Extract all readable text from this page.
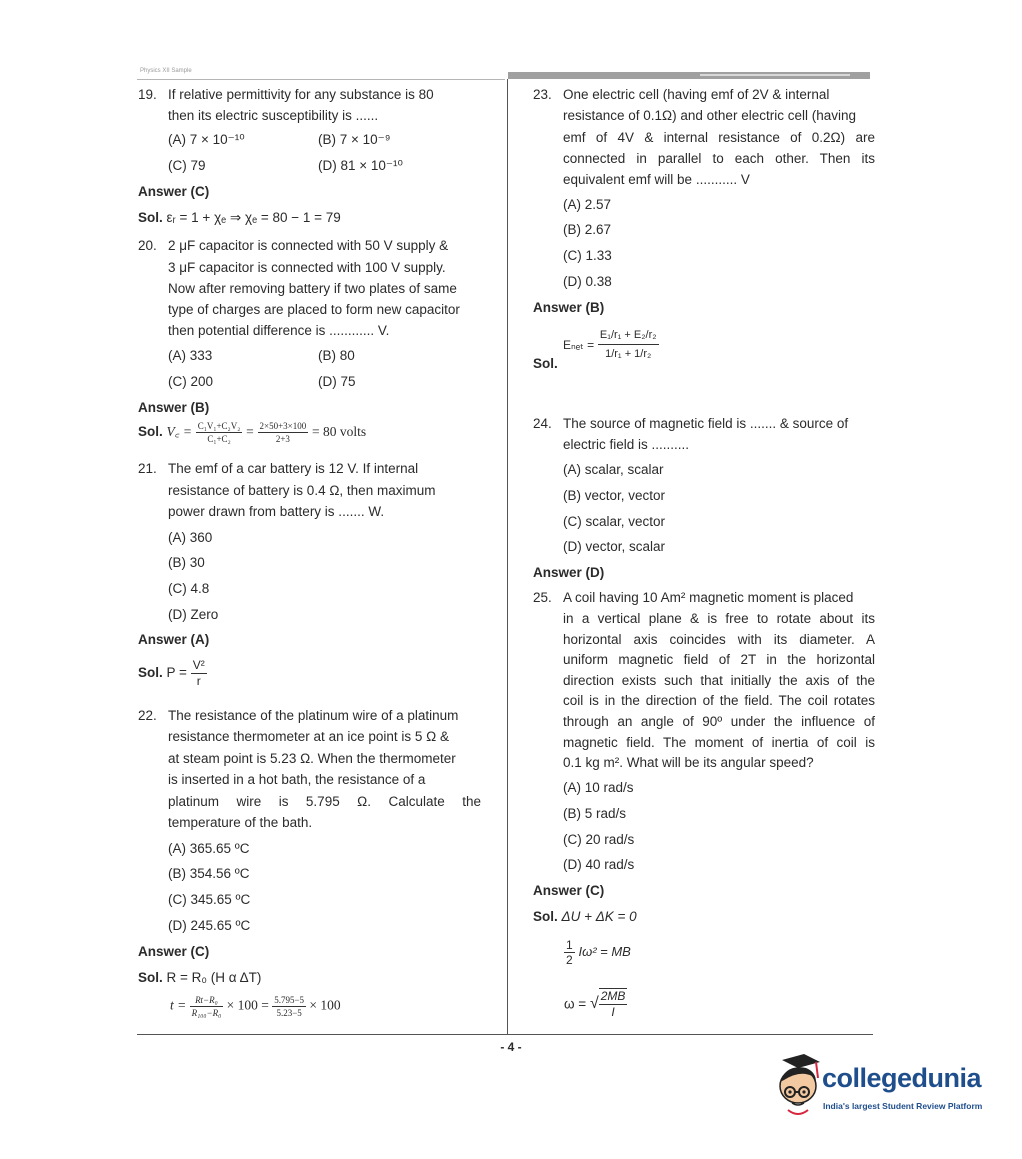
Physics XII Sample
- 4 -
19. If relative permittivity for any substance is 80
then its electric susceptibility is ......
(A) 7 × 10⁻¹⁰	(B) 7 × 10⁻⁹
(C) 79	(D) 81 × 10⁻¹⁰
Answer (C)
Sol. εᵣ = 1 + χₑ ⇒ χₑ = 80 − 1 = 79
20. 2 μF capacitor is connected with 50 V supply &
3 μF capacitor is connected with 100 V supply.
Now after removing battery if two plates of same
type of charges are placed to form new capacitor
then potential difference is ............ V.
(A) 333	(B) 80
(C) 200	(D) 75
Answer (B)
Sol. V꜀ = $\frac{\text{C₁V₁+C₂V₂}}{\text{C₁+C₂}} = \frac{2\times 50+3\times 100}{2+3} = 80$ volts
21. The emf of a car battery is 12 V. If internal
resistance of battery is 0.4 Ω, then maximum
power drawn from battery is ....... W.
(A) 360
(B) 30
(C) 4.8
(D) Zero
Answer (A)
Sol. $P = \frac{\text{V²}}{r}$
22. The resistance of the platinum wire of a platinum
resistance thermometer at an ice point is 5 Ω &
at steam point is 5.23 Ω. When the thermometer
is inserted in a hot bath, the resistance of a
platinum wire is 5.795 Ω. Calculate the
temperature of the bath.
(A) 365.65 ºC
(B) 354.56 ºC
(C) 345.65 ºC
(D) 245.65 ºC
Answer (C)
Sol. R = R₀ (H α ΔT)
$t = \frac{\text{Rt−R₀}}{\text{R₁₀₀−R₀}} \times 100 = \frac{5.795-5}{5.23-5} \times 100$
23. One electric cell (having emf of 2V & internal
resistance of 0.1Ω) and other electric cell (having
emf of 4V & internal resistance of 0.2Ω) are
connected in parallel to each other. Then its
equivalent emf will be ........... V
(A) 2.57
(B) 2.67
(C) 1.33
(D) 0.38
Answer (B)
Sol.
$E_{net} = \frac{\text{E₁/r₁ + E₂/r₂}}{\text{1/r₁ + 1/r₂}}$
24. The source of magnetic field is ....... & source of
electric field is ..........
(A) scalar, scalar
(B) vector, vector
(C) scalar, vector
(D) vector, scalar
Answer (D)
25. A coil having 10 Am² magnetic moment is placed
in a vertical plane & is free to rotate about its
horizontal axis coincides with its diameter. A
uniform magnetic field of 2T in the horizontal
direction exists such that initially the axis of the
coil is in the direction of the field. The coil rotates
through an angle of 90º under the influence of
magnetic field. The moment of inertia of coil is
0.1 kg m². What will be its angular speed?
(A) 10 rad/s
(B) 5 rad/s
(C) 20 rad/s
(D) 40 rad/s
Answer (C)
Sol. ΔU + ΔK = 0
$\frac{1}{2} I\omega^2$ = MB
ω = √ $\frac{2MB}{I}$
collegedunia
India's largest Student Review Platform
